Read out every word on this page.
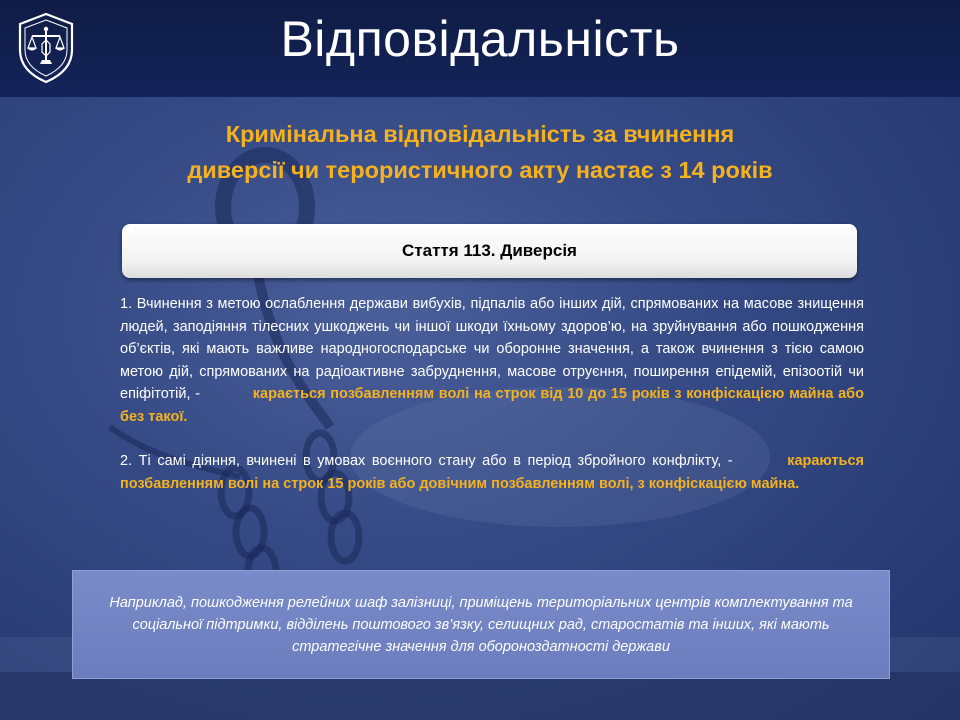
Відповідальність
Кримінальна відповідальність за вчинення
диверсії чи терористичного акту настає з 14 років
Стаття 113. Диверсія

1. Вчинення з метою ослаблення держави вибухів, підпалів або інших дій, спрямованих на масове знищення людей, заподіяння тілесних ушкоджень чи іншої шкоди їхньому здоров’ю, на зруйнування або пошкодження об’єктів, які мають важливе народногосподарське чи оборонне значення, а також вчинення з тією самою метою дій, спрямованих на радіоактивне забруднення, масове отруєння, поширення епідемій, епізоотій чи епіфітотій, -	карається позбавленням волі на строк від 10 до 15 років з конфіскацією майна або без такої.

2. Ті самі діяння, вчинені в умовах воєнного стану або в період збройного конфлікту, -	караються позбавленням волі на строк 15 років або довічним позбавленням волі, з конфіскацією майна.

Наприклад, пошкодження релейних шаф залізниці, приміщень територіальних центрів комплектування та соціальної підтримки, відділень поштового зв’язку, селищних рад, старостатів та інших, які мають стратегічне значення для обороноздатності держави
